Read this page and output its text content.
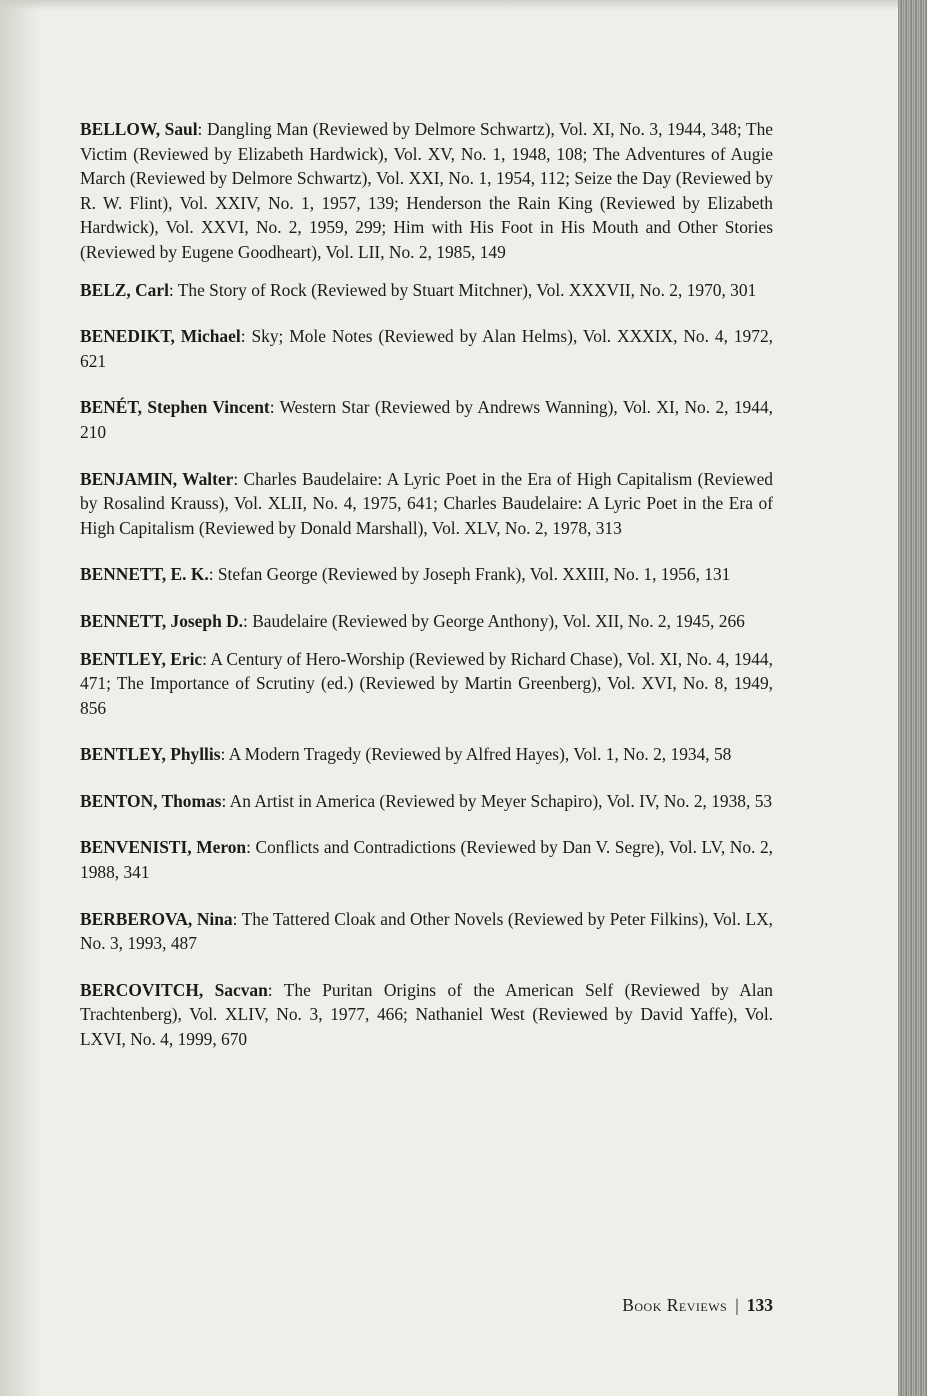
BELLOW, Saul: Dangling Man (Reviewed by Delmore Schwartz), Vol. XI, No. 3, 1944, 348; The Victim (Reviewed by Elizabeth Hardwick), Vol. XV, No. 1, 1948, 108; The Adventures of Augie March (Reviewed by Delmore Schwartz), Vol. XXI, No. 1, 1954, 112; Seize the Day (Reviewed by R. W. Flint), Vol. XXIV, No. 1, 1957, 139; Henderson the Rain King (Reviewed by Elizabeth Hardwick), Vol. XXVI, No. 2, 1959, 299; Him with His Foot in His Mouth and Other Stories (Reviewed by Eugene Goodheart), Vol. LII, No. 2, 1985, 149

BELZ, Carl: The Story of Rock (Reviewed by Stuart Mitchner), Vol. XXXVII, No. 2, 1970, 301

BENEDIKT, Michael: Sky; Mole Notes (Reviewed by Alan Helms), Vol. XXXIX, No. 4, 1972, 621

BENÉT, Stephen Vincent: Western Star (Reviewed by Andrews Wanning), Vol. XI, No. 2, 1944, 210

BENJAMIN, Walter: Charles Baudelaire: A Lyric Poet in the Era of High Capitalism (Reviewed by Rosalind Krauss), Vol. XLII, No. 4, 1975, 641; Charles Baudelaire: A Lyric Poet in the Era of High Capitalism (Reviewed by Donald Marshall), Vol. XLV, No. 2, 1978, 313

BENNETT, E. K.: Stefan George (Reviewed by Joseph Frank), Vol. XXIII, No. 1, 1956, 131

BENNETT, Joseph D.: Baudelaire (Reviewed by George Anthony), Vol. XII, No. 2, 1945, 266

BENTLEY, Eric: A Century of Hero-Worship (Reviewed by Richard Chase), Vol. XI, No. 4, 1944, 471; The Importance of Scrutiny (ed.) (Reviewed by Martin Greenberg), Vol. XVI, No. 8, 1949, 856

BENTLEY, Phyllis: A Modern Tragedy (Reviewed by Alfred Hayes), Vol. 1, No. 2, 1934, 58

BENTON, Thomas: An Artist in America (Reviewed by Meyer Schapiro), Vol. IV, No. 2, 1938, 53

BENVENISTI, Meron: Conflicts and Contradictions (Reviewed by Dan V. Segre), Vol. LV, No. 2, 1988, 341

BERBEROVA, Nina: The Tattered Cloak and Other Novels (Reviewed by Peter Filkins), Vol. LX, No. 3, 1993, 487

BERCOVITCH, Sacvan: The Puritan Origins of the American Self (Reviewed by Alan Trachtenberg), Vol. XLIV, No. 3, 1977, 466; Nathaniel West (Reviewed by David Yaffe), Vol. LXVI, No. 4, 1999, 670

Book Reviews | 133
